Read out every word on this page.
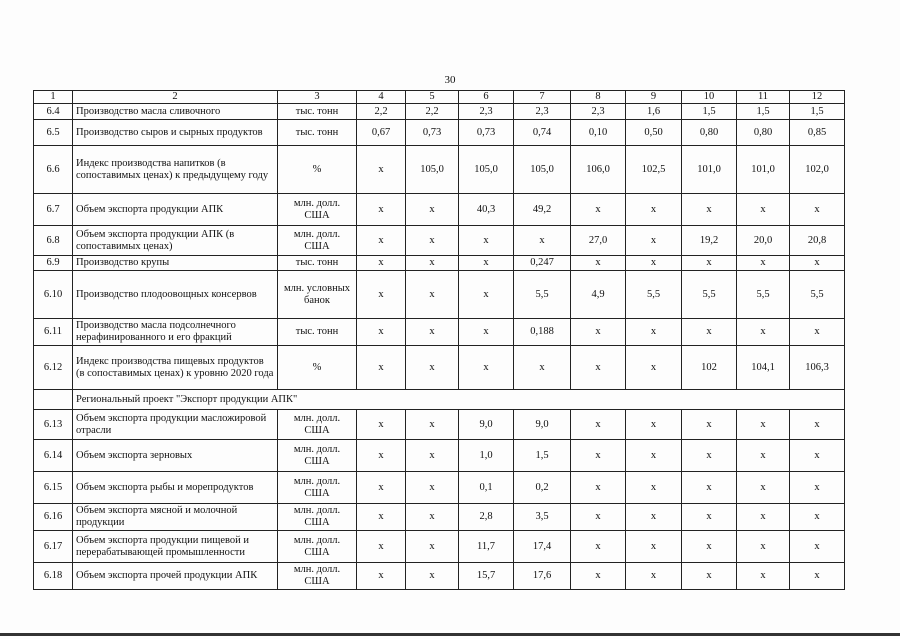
30
1	2	3	4	5	6	7	8	9	10	11	12
6.4	Производство масла сливочного	тыс. тонн	2,2	2,2	2,3	2,3	2,3	1,6	1,5	1,5	1,5
6.5	Производство сыров и сырных продуктов	тыс. тонн	0,67	0,73	0,73	0,74	0,10	0,50	0,80	0,80	0,85
6.6	Индекс производства напитков (в сопоставимых ценах) к предыдущему году	%	x	105,0	105,0	105,0	106,0	102,5	101,0	101,0	102,0
6.7	Объем экспорта продукции АПК	млн. долл. США	x	x	40,3	49,2	x	x	x	x	x
6.8	Объем экспорта продукции АПК (в сопоставимых ценах)	млн. долл. США	x	x	x	x	27,0	x	19,2	20,0	20,8
6.9	Производство крупы	тыс. тонн	x	x	x	0,247	x	x	x	x	x
6.10	Производство плодоовощных консервов	млн. условных банок	x	x	x	5,5	4,9	5,5	5,5	5,5	5,5
6.11	Производство масла подсолнечного нерафинированного и его фракций	тыс. тонн	x	x	x	0,188	x	x	x	x	x
6.12	Индекс производства пищевых продуктов (в сопоставимых ценах) к уровню 2020 года	%	x	x	x	x	x	x	102	104,1	106,3
	Региональный проект "Экспорт продукции АПК"										
6.13	Объем экспорта продукции масложировой отрасли	млн. долл. США	x	x	9,0	9,0	x	x	x	x	x
6.14	Объем экспорта зерновых	млн. долл. США	x	x	1,0	1,5	x	x	x	x	x
6.15	Объем экспорта рыбы и морепродуктов	млн. долл. США	x	x	0,1	0,2	x	x	x	x	x
6.16	Объем экспорта мясной и молочной продукции	млн. долл. США	x	x	2,8	3,5	x	x	x	x	x
6.17	Объем экспорта продукции пищевой и перерабатывающей промышленности	млн. долл. США	x	x	11,7	17,4	x	x	x	x	x
6.18	Объем экспорта прочей продукции АПК	млн. долл. США	x	x	15,7	17,6	x	x	x	x	x
